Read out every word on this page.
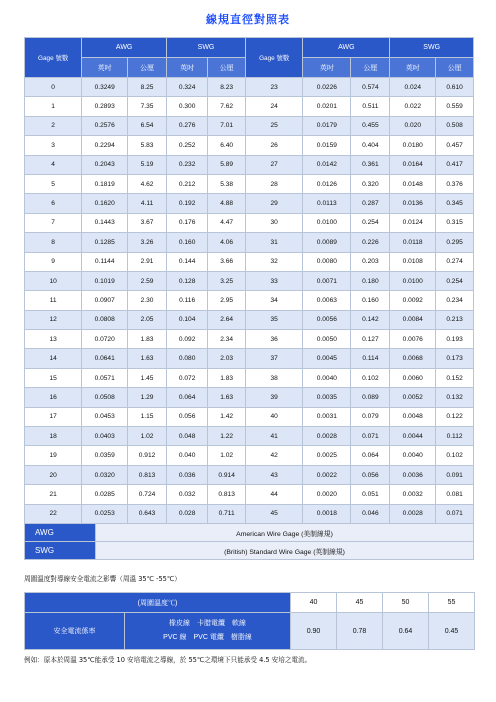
線規直徑對照表
Gage 號數	AWG		SWG		Gage 號數	AWG		SWG	
	英吋	公厘	英吋	公厘		英吋	公厘	英吋	公厘
0	0.3249	8.25	0.324	8.23	23	0.0226	0.574	0.024	0.610
1	0.2893	7.35	0.300	7.62	24	0.0201	0.511	0.022	0.559
2	0.2576	6.54	0.276	7.01	25	0.0179	0.455	0.020	0.508
3	0.2294	5.83	0.252	6.40	26	0.0159	0.404	0.0180	0.457
4	0.2043	5.19	0.232	5.89	27	0.0142	0.361	0.0164	0.417
5	0.1819	4.62	0.212	5.38	28	0.0126	0.320	0.0148	0.376
6	0.1620	4.11	0.192	4.88	29	0.0113	0.287	0.0136	0.345
7	0.1443	3.67	0.176	4.47	30	0.0100	0.254	0.0124	0.315
8	0.1285	3.26	0.160	4.06	31	0.0089	0.226	0.0118	0.295
9	0.1144	2.91	0.144	3.66	32	0.0080	0.203	0.0108	0.274
10	0.1019	2.59	0.128	3.25	33	0.0071	0.180	0.0100	0.254
11	0.0907	2.30	0.116	2.95	34	0.0063	0.160	0.0092	0.234
12	0.0808	2.05	0.104	2.64	35	0.0056	0.142	0.0084	0.213
13	0.0720	1.83	0.092	2.34	36	0.0050	0.127	0.0076	0.193
14	0.0641	1.63	0.080	2.03	37	0.0045	0.114	0.0068	0.173
15	0.0571	1.45	0.072	1.83	38	0.0040	0.102	0.0060	0.152
16	0.0508	1.29	0.064	1.63	39	0.0035	0.089	0.0052	0.132
17	0.0453	1.15	0.056	1.42	40	0.0031	0.079	0.0048	0.122
18	0.0403	1.02	0.048	1.22	41	0.0028	0.071	0.0044	0.112
19	0.0359	0.912	0.040	1.02	42	0.0025	0.064	0.0040	0.102
20	0.0320	0.813	0.036	0.914	43	0.0022	0.056	0.0036	0.091
21	0.0285	0.724	0.032	0.813	44	0.0020	0.051	0.0032	0.081
22	0.0253	0.643	0.028	0.711	45	0.0018	0.046	0.0028	0.071
AWG	American Wire Gage (美制線規)
SWG	(British) Standard Wire Gage (英制線規)
周圍溫度對導線安全電流之影響（周溫 35℃ -55℃）
(周圍溫度℃)		40	45	50	55
安全電流係率	橡皮線　卡腊電纜　軟線
PVC 線　PVC 電纜　樹脂線	0.90	0.78	0.64	0.45
例如：原本於周溫 35℃能承受 10 安培電流之導線，於 55℃之環境下只能承受 4.5 安培之電流。
